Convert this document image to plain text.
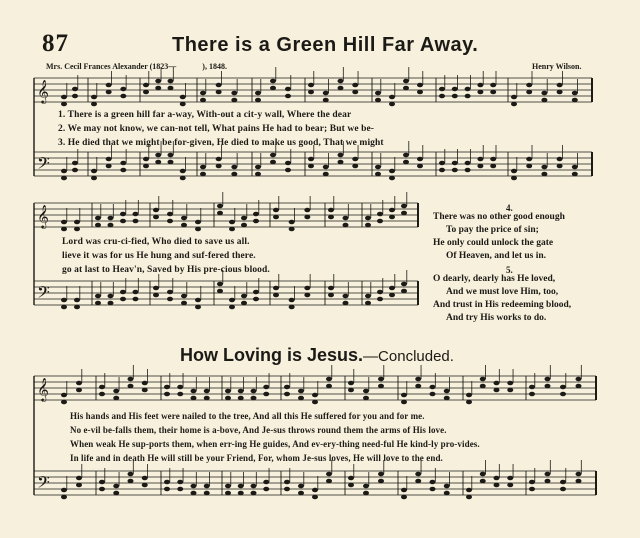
𝄞
𝄢
𝄞
𝄢
𝄞
𝄢
87	There is a Green Hill Far Away.
Mrs. Cecil Frances Alexander (1823—	), 1848.	Henry Wilson.
1. There is a green hill far a-way, With-out a cit-y wall, Where the dear
2. We may not know, we can-not tell, What pains He had to bear; But we be-
3. He died that we might be for-given, He died to make us good, That we might
Lord was cru-ci-fied, Who died to save us all.
lieve it was for us He hung and suf-fered there.
go at last to Heav'n, Saved by His pre-cious blood.
4.
There was no other good enough
To pay the price of sin;
He only could unlock the gate
Of Heaven, and let us in.
5.
O dearly, dearly has He loved,
And we must love Him, too,
And trust in His redeeming blood,
And try His works to do.
How Loving is Jesus.—Concluded.
His hands and His feet were nailed to the tree, And all this He suffered for you and for me.
No e-vil be-falls them, their home is a-bove, And Je-sus throws round them the arms of His love.
When weak He sup-ports them, when err-ing He guides, And ev-ery-thing need-ful He kind-ly pro-vides.
In life and in death He will still be your Friend, For, whom Je-sus loves, He will love to the end.
